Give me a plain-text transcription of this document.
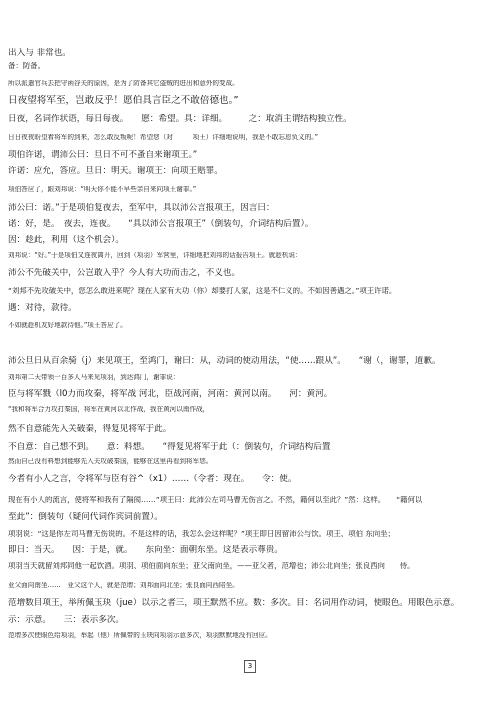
出入与 非常也。
备：防备。
所以派遣官兵去把守函谷关的原因，是为了防备其它盗贼的进出和意外的变故。
日夜望将军至，岂敢反乎！愿伯具言臣之不敢倍德也。”
日夜，名词作状语，每日每夜。　　愿：希望。具：详细。　　　之：取消主谓结构独立性。
日日夜夜盼望着将军的到来，怎么敢反叛呢！希望您（对　　　项王）详细地说明，我是不敢忘恩负义的。”
项伯许诺，谓沛公曰：旦日不可不蚤自来谢项王。”
许诺：应允，答应。旦日：明天。谢项王：向项王赔罪。
项伯答应了，跟刘邦说：“明天你不能不早些亲自来向项王谢罪。”
沛公曰：诺。”于是项伯复夜去，至军中，具以沛公言报项王，因言曰：
诺：好，是。　夜去，连夜。　　“具以沛公言报项王”（倒装句，介词结构后置）。
因：趁此，利用（这个机会）。
刘邦说：“好。”于是项伯又连夜离开，回到（项羽）军营里，详细地把刘邦的话报告项王。就趁机说：
沛公不先破关中，公岂敢入乎？今人有大功而击之，不义也。
“刘邦不先攻破关中，您怎么敢进来呢？现在人家有大功（你）却要打人家，这是不仁义的。不如因善遇之。”项王许诺。
遇：对待，款待。
不如就趁机友好地款待他。”项王答应了。
沛公旦日从百余骑（j）来见项王，至鸿门，谢曰：从，动词的使动用法，“使……跟从”。　　“谢（，谢罪，道歉。
刘邦第二天带领一百多人马来见项羽，到达鸿门，谢罪说：
臣与将军戮（l0力而攻秦，将军战 河北，臣战河南，河南：黄河以南。　　河：黄河。
“我和将军合力攻打秦国，将军在黄河以北作战，我在黄河以南作战，
然不自意能先入关破秦，得复见将军于此。
不自意：自己想不到。　　意：料想。　　“得复见将军于此（：倒装句，介词结构后置
然而自己没有料想到能够先入关攻破秦国，能够在这里再看到将军您。
今者有小人之言，令将军与臣有谷^（x1）……（令者：现在。　　令：使。
现在有小人的流言，使将军和我有了隔阂……”项王曰：此沛公左司马曹无伤言之。不然，籍何以至此？”然：这样。　　“籍何以
至此”：倒装句（疑问代词作宾词前置）。
项羽说：“这是你左司马曹无伤说的。不是这样的话，我怎么会这样呢？”项王即日因留沛公与饮。项王、项伯 东向坐；
即日：当天。　　因：于是，就。　　东向坐：面朝东坐。这是表示尊贵。
项羽当天就留刘邦同他一起饮酒。项羽、项伯面向东坐；亚父南向坐，——亚父者，范增也；沛公北向坐；张良西向　　侍。
亚父面向南坐……　亚父这个人，就是范增；刘邦面向北坐；张良面向西陪坐。
范增数目项王，举所佩玉玦（jue）以示之者三，项王默然不应。数：多次。目：名词用作动词，使眼色。用眼色示意。
示：示意。　　三：表示多次。
范增多次使眼色给项羽，举起（他）所佩带的玉玦向项羽示意多次，项羽默默地没有回应。
3
